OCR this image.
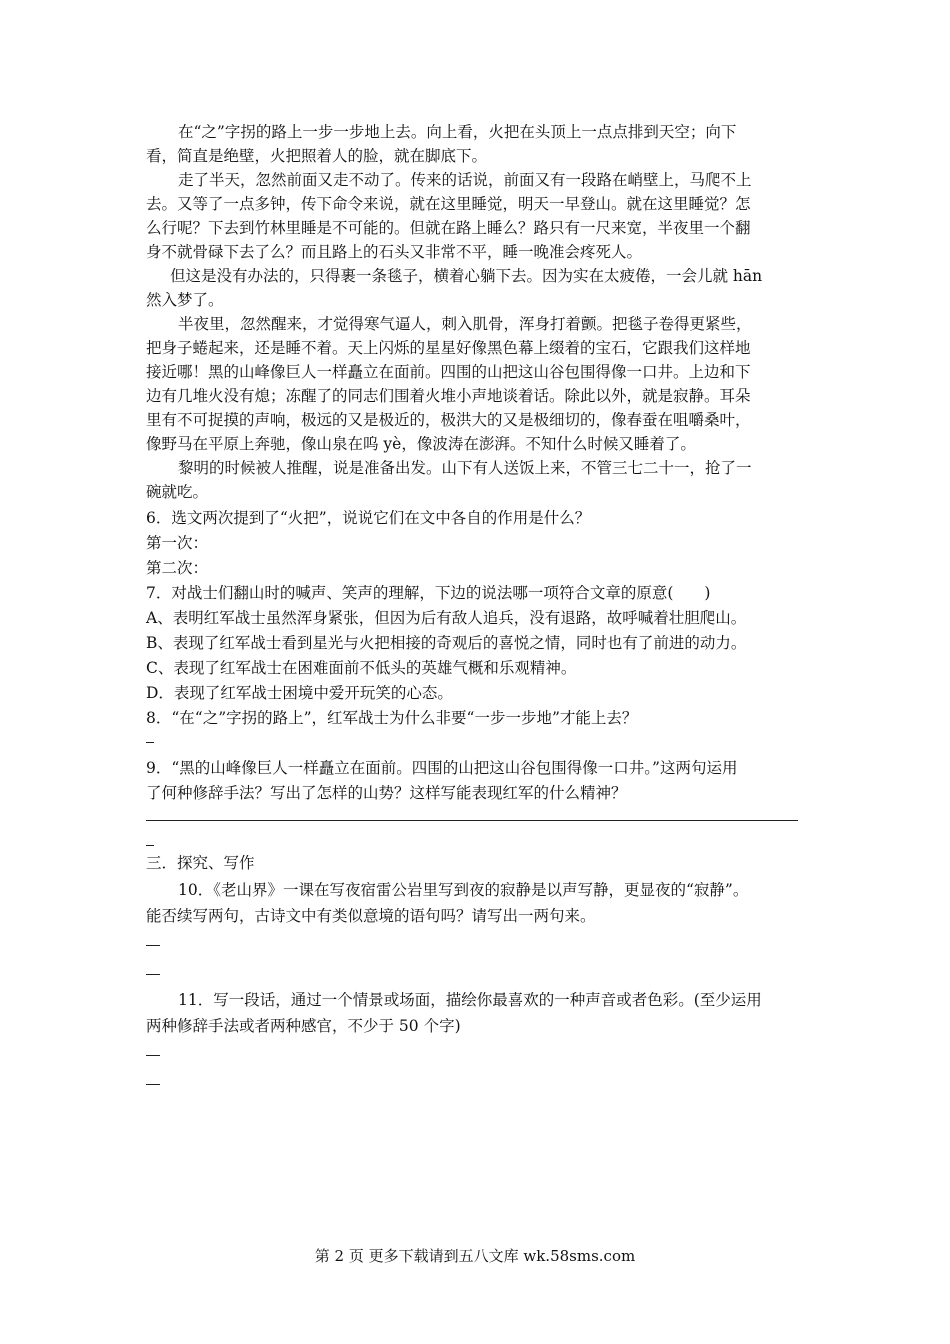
在“之”字拐的路上一步一步地上去。向上看，火把在头顶上一点点排到天空；向下

看，简直是绝壁，火把照着人的脸，就在脚底下。

走了半天，忽然前面又走不动了。传来的话说，前面又有一段路在峭壁上，马爬不上

去。又等了一点多钟，传下命令来说，就在这里睡觉，明天一早登山。就在这里睡觉？怎

么行呢？下去到竹林里睡是不可能的。但就在路上睡么？路只有一尺来宽，半夜里一个翻

身不就骨碌下去了么？而且路上的石头又非常不平，睡一晚准会疼死人。

但这是没有办法的，只得裹一条毯子，横着心躺下去。因为实在太疲倦，一会儿就 hān

然入梦了。

半夜里，忽然醒来，才觉得寒气逼人，刺入肌骨，浑身打着颤。把毯子卷得更紧些，

把身子蜷起来，还是睡不着。天上闪烁的星星好像黑色幕上缀着的宝石，它跟我们这样地

接近哪！黑的山峰像巨人一样矗立在面前。四围的山把这山谷包围得像一口井。上边和下

边有几堆火没有熄；冻醒了的同志们围着火堆小声地谈着话。除此以外，就是寂静。耳朵

里有不可捉摸的声响，极远的又是极近的，极洪大的又是极细切的，像春蚕在咀嚼桑叶，

像野马在平原上奔驰，像山泉在呜 yè，像波涛在澎湃。不知什么时候又睡着了。

黎明的时候被人推醒，说是准备出发。山下有人送饭上来，不管三七二十一，抢了一

碗就吃。

6．选文两次提到了“火把”，说说它们在文中各自的作用是什么？

第一次：

第二次：

7．对战士们翻山时的喊声、笑声的理解，下边的说法哪一项符合文章的原意(　　)

A、表明红军战士虽然浑身紧张，但因为后有敌人追兵，没有退路，故呼喊着壮胆爬山。

B、表现了红军战士看到星光与火把相接的奇观后的喜悦之情，同时也有了前进的动力。

C、表现了红军战士在困难面前不低头的英雄气概和乐观精神。

D．表现了红军战士困境中爱开玩笑的心态。

8．“在“之”字拐的路上”，红军战士为什么非要“一步一步地”才能上去？

9．“黑的山峰像巨人一样矗立在面前。四围的山把这山谷包围得像一口井。”这两句运用

了何种修辞手法？写出了怎样的山势？这样写能表现红军的什么精神？

三．探究、写作

10．《老山界》一课在写夜宿雷公岩里写到夜的寂静是以声写静，更显夜的“寂静”。

能否续写两句，古诗文中有类似意境的语句吗？请写出一两句来。

11．写一段话，通过一个情景或场面，描绘你最喜欢的一种声音或者色彩。(至少运用

两种修辞手法或者两种感官，不少于 50 个字)

第 2 页 更多下载请到五八文库 wk.58sms.com
